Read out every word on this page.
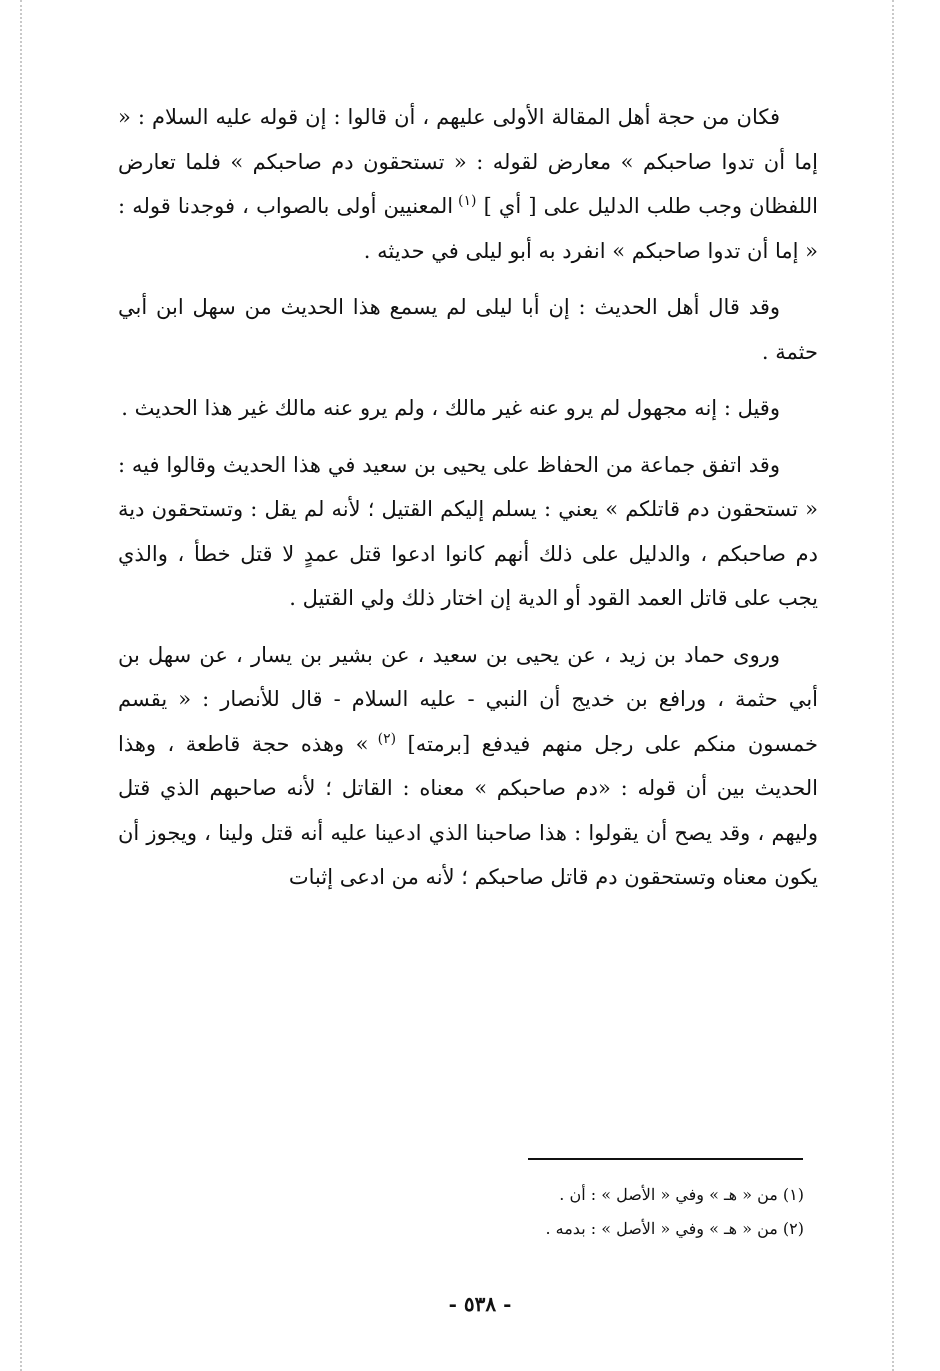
فكان من حجة أهل المقالة الأولى عليهم ، أن قالوا : إن قوله عليه السلام : « إما أن تدوا صاحبكم » معارض لقوله : « تستحقون دم صاحبكم » فلما تعارض اللفظان وجب طلب الدليل على [ أي ] $^{(١)}$ المعنيين أولى بالصواب ، فوجدنا قوله : « إما أن تدوا صاحبكم » انفرد به أبو ليلى في حديثه .

وقد قال أهل الحديث : إن أبا ليلى لم يسمع هذا الحديث من سهل ابن أبي حثمة .

وقيل : إنه مجهول لم يرو عنه غير مالك ، ولم يرو عنه مالك غير هذا الحديث .

وقد اتفق جماعة من الحفاظ على يحيى بن سعيد في هذا الحديث وقالوا فيه : « تستحقون دم قاتلكم » يعني : يسلم إليكم القتيل ؛ لأنه لم يقل : وتستحقون دية دم صاحبكم ، والدليل على ذلك أنهم كانوا ادعوا قتل عمدٍ لا قتل خطأ ، والذي يجب على قاتل العمد القود أو الدية إن اختار ذلك ولي القتيل .

وروى حماد بن زيد ، عن يحيى بن سعيد ، عن بشير بن يسار ، عن سهل بن أبي حثمة ، ورافع بن خديج أن النبي - عليه السلام - قال للأنصار : « يقسم خمسون منكم على رجل منهم فيدفع [برمته] $^{(٢)}$ » وهذه حجة قاطعة ، وهذا الحديث بين أن قوله : «دم صاحبكم » معناه : القاتل ؛ لأنه صاحبهم الذي قتل وليهم ، وقد يصح أن يقولوا : هذا صاحبنا الذي ادعينا عليه أنه قتل ولينا ، ويجوز أن يكون معناه وتستحقون دم قاتل صاحبكم ؛ لأنه من ادعى إثبات

(١) من « هـ » وفي « الأصل » : أن .

(٢) من « هـ » وفي « الأصل » : بدمه .

- ٥٣٨ -
